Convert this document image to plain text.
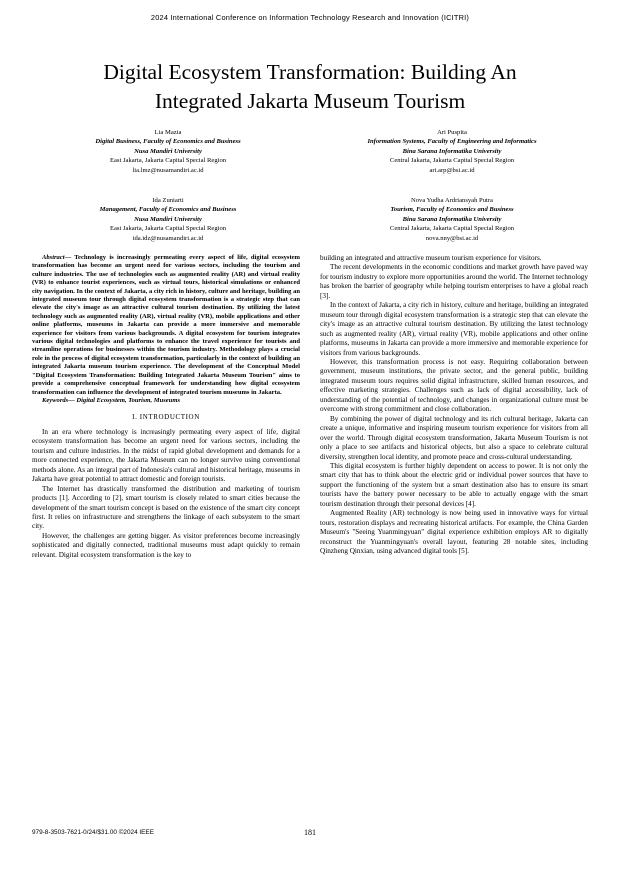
2024 International Conference on Information Technology Research and Innovation (ICITRI)
Digital Ecosystem Transformation: Building An
Integrated Jakarta Museum Tourism
Lia Mazia
Digital Business, Faculty of Economics and Business
Nusa Mandiri University
East Jakarta, Jakarta Capital Special Region
lia.lmz@nusamandiri.ac.id
Ari Puspita
Information Systems, Faculty of Engineering and Informatics
Bina Sarana Informatika University
Central Jakarta, Jakarta Capital Special Region
ari.arp@bsi.ac.id
Ida Zuniarti
Management, Faculty of Economics and Business
Nusa Mandiri University
East Jakarta, Jakarta Capital Special Region
ida.idz@nusamandiri.ac.id
Nova Yudha Ardriansyah Putra
Tourism, Faculty of Economics and Business
Bina Sarana Informatika University
Central Jakarta, Jakarta Capital Special Region
nova.nny@bsi.ac.id

Abstract— Technology is increasingly permeating every aspect of life, digital ecosystem transformation has become an urgent need for various sectors, including the tourism and culture industries. The use of technologies such as augmented reality (AR) and virtual reality (VR) to enhance tourist experiences, such as virtual tours, historical simulations or enhanced city navigation. In the context of Jakarta, a city rich in history, culture and heritage, building an integrated museum tour through digital ecosystem transformation is a strategic step that can elevate the city's image as an attractive cultural tourism destination. By utilizing the latest technology such as augmented reality (AR), virtual reality (VR), mobile applications and other online platforms, museums in Jakarta can provide a more immersive and memorable experience for visitors from various backgrounds. A digital ecosystem for tourism integrates various digital technologies and platforms to enhance the travel experience for tourists and streamline operations for businesses within the tourism industry. Methodology plays a crucial role in the process of digital ecosystem transformation, particularly in the context of building an integrated Jakarta museum tourism experience. The development of the Conceptual Model "Digital Ecosystem Transformation: Building Integrated Jakarta Museum Tourism" aims to provide a comprehensive conceptual framework for understanding how digital ecosystem transformation can influence the development of integrated tourism museums in Jakarta.

Keywords— Digital Ecosystem, Tourism, Museums

I. INTRODUCTION

In an era where technology is increasingly permeating every aspect of life, digital ecosystem transformation has become an urgent need for various sectors, including the tourism and culture industries. In the midst of rapid global development and demands for a more connected experience, the Jakarta Museum can no longer survive using conventional methods alone. As an integral part of Indonesia's cultural and historical heritage, museums in Jakarta have great potential to attract domestic and foreign tourists.

The Internet has drastically transformed the distribution and marketing of tourism products [1]. According to [2], smart tourism is closely related to smart cities because the development of the smart tourism concept is based on the existence of the smart city concept first. It relies on infrastructure and strengthens the linkage of each subsystem to the smart city.

However, the challenges are getting bigger. As visitor preferences become increasingly sophisticated and digitally connected, traditional museums must adapt quickly to remain relevant. Digital ecosystem transformation is the key to

building an integrated and attractive museum tourism experience for visitors.

The recent developments in the economic conditions and market growth have paved way for tourism industry to explore more opportunities around the world. The Internet technology has broken the barrier of geography while helping tourism enterprises to have a global reach [3].

In the context of Jakarta, a city rich in history, culture and heritage, building an integrated museum tour through digital ecosystem transformation is a strategic step that can elevate the city's image as an attractive cultural tourism destination. By utilizing the latest technology such as augmented reality (AR), virtual reality (VR), mobile applications and other online platforms, museums in Jakarta can provide a more immersive and memorable experience for visitors from various backgrounds.

However, this transformation process is not easy. Requiring collaboration between government, museum institutions, the private sector, and the general public, building integrated museum tours requires solid digital infrastructure, skilled human resources, and effective marketing strategies. Challenges such as lack of digital accessibility, lack of understanding of the potential of technology, and changes in organizational culture must be overcome with strong commitment and close collaboration.

By combining the power of digital technology and its rich cultural heritage, Jakarta can create a unique, informative and inspiring museum tourism experience for visitors from all over the world. Through digital ecosystem transformation, Jakarta Museum Tourism is not only a place to see artifacts and historical objects, but also a space to celebrate cultural diversity, strengthen local identity, and promote peace and cross-cultural understanding.

This digital ecosystem is further highly dependent on access to power. It is not only the smart city that has to think about the electric grid or individual power sources that have to support the functioning of the system but a smart destination also has to ensure its smart tourists have the battery power necessary to be able to actually engage with the smart tourism destination through their personal devices [4].

Augmented Reality (AR) technology is now being used in innovative ways for virtual tours, restoration displays and recreating historical artifacts. For example, the China Garden Museum's "Seeing Yuanmingyuan" digital experience exhibition employs AR to digitally reconstruct the Yuanmingyuan's overall layout, featuring 28 notable sites, including Qinzheng Qinxian, using advanced digital tools [5].

979-8-3503-7621-0/24/$31.00 ©2024 IEEE	181
